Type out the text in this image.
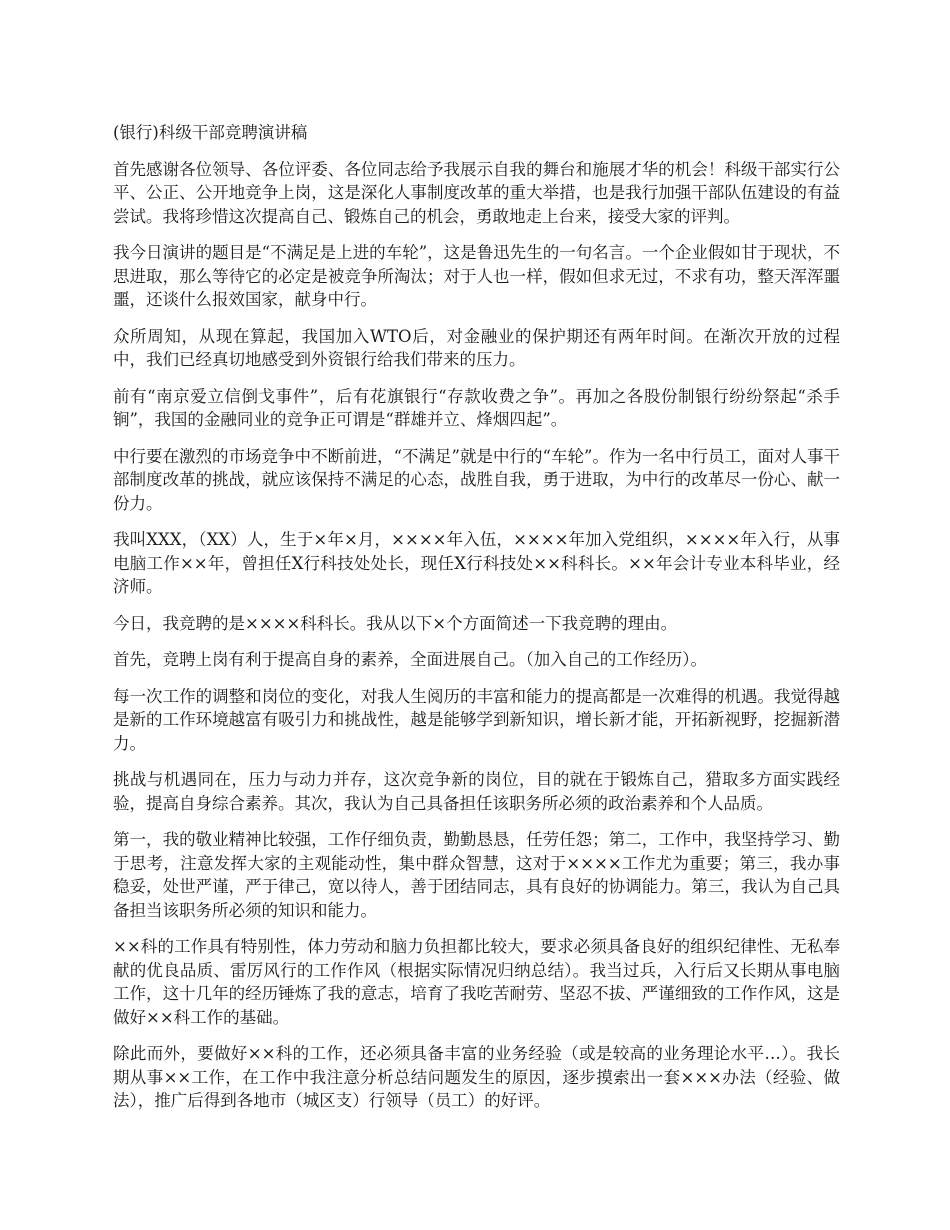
(银行)科级干部竞聘演讲稿

首先感谢各位领导、各位评委、各位同志给予我展示自我的舞台和施展才华的机会！科级干部实行公平、公正、公开地竞争上岗，这是深化人事制度改革的重大举措，也是我行加强干部队伍建设的有益尝试。我将珍惜这次提高自己、锻炼自己的机会，勇敢地走上台来，接受大家的评判。

我今日演讲的题目是“不满足是上进的车轮”，这是鲁迅先生的一句名言。一个企业假如甘于现状，不思进取，那么等待它的必定是被竞争所淘汰；对于人也一样，假如但求无过，不求有功，整天浑浑噩噩，还谈什么报效国家，献身中行。

众所周知，从现在算起，我国加入WTO后，对金融业的保护期还有两年时间。在渐次开放的过程中，我们已经真切地感受到外资银行给我们带来的压力。

前有“南京爱立信倒戈事件”，后有花旗银行“存款收费之争”。再加之各股份制银行纷纷祭起“杀手锏”，我国的金融同业的竞争正可谓是“群雄并立、烽烟四起”。

中行要在激烈的市场竞争中不断前进，“不满足”就是中行的“车轮”。作为一名中行员工，面对人事干部制度改革的挑战，就应该保持不满足的心态，战胜自我，勇于进取，为中行的改革尽一份心、献一份力。

我叫XXX，（XX）人，生于×年×月，××××年入伍，××××年加入党组织，××××年入行，从事电脑工作××年，曾担任X行科技处处长，现任X行科技处××科科长。××年会计专业本科毕业，经济师。

今日，我竞聘的是××××科科长。我从以下×个方面简述一下我竞聘的理由。

首先，竞聘上岗有利于提高自身的素养，全面进展自己。（加入自己的工作经历）。

每一次工作的调整和岗位的变化，对我人生阅历的丰富和能力的提高都是一次难得的机遇。我觉得越是新的工作环境越富有吸引力和挑战性，越是能够学到新知识，增长新才能，开拓新视野，挖掘新潜力。

挑战与机遇同在，压力与动力并存，这次竞争新的岗位，目的就在于锻炼自己，猎取多方面实践经验，提高自身综合素养。其次，我认为自己具备担任该职务所必须的政治素养和个人品质。

第一，我的敬业精神比较强，工作仔细负责，勤勤恳恳，任劳任怨；第二，工作中，我坚持学习、勤于思考，注意发挥大家的主观能动性，集中群众智慧，这对于××××工作尤为重要；第三，我办事稳妥，处世严谨，严于律己，宽以待人，善于团结同志，具有良好的协调能力。第三，我认为自己具备担当该职务所必须的知识和能力。

××科的工作具有特别性，体力劳动和脑力负担都比较大，要求必须具备良好的组织纪律性、无私奉献的优良品质、雷厉风行的工作作风（根据实际情况归纳总结）。我当过兵，入行后又长期从事电脑工作，这十几年的经历锤炼了我的意志，培育了我吃苦耐劳、坚忍不拔、严谨细致的工作作风，这是做好××科工作的基础。

除此而外，要做好××科的工作，还必须具备丰富的业务经验（或是较高的业务理论水平…）。我长期从事××工作，在工作中我注意分析总结问题发生的原因，逐步摸索出一套×××办法（经验、做法），推广后得到各地市（城区支）行领导（员工）的好评。
